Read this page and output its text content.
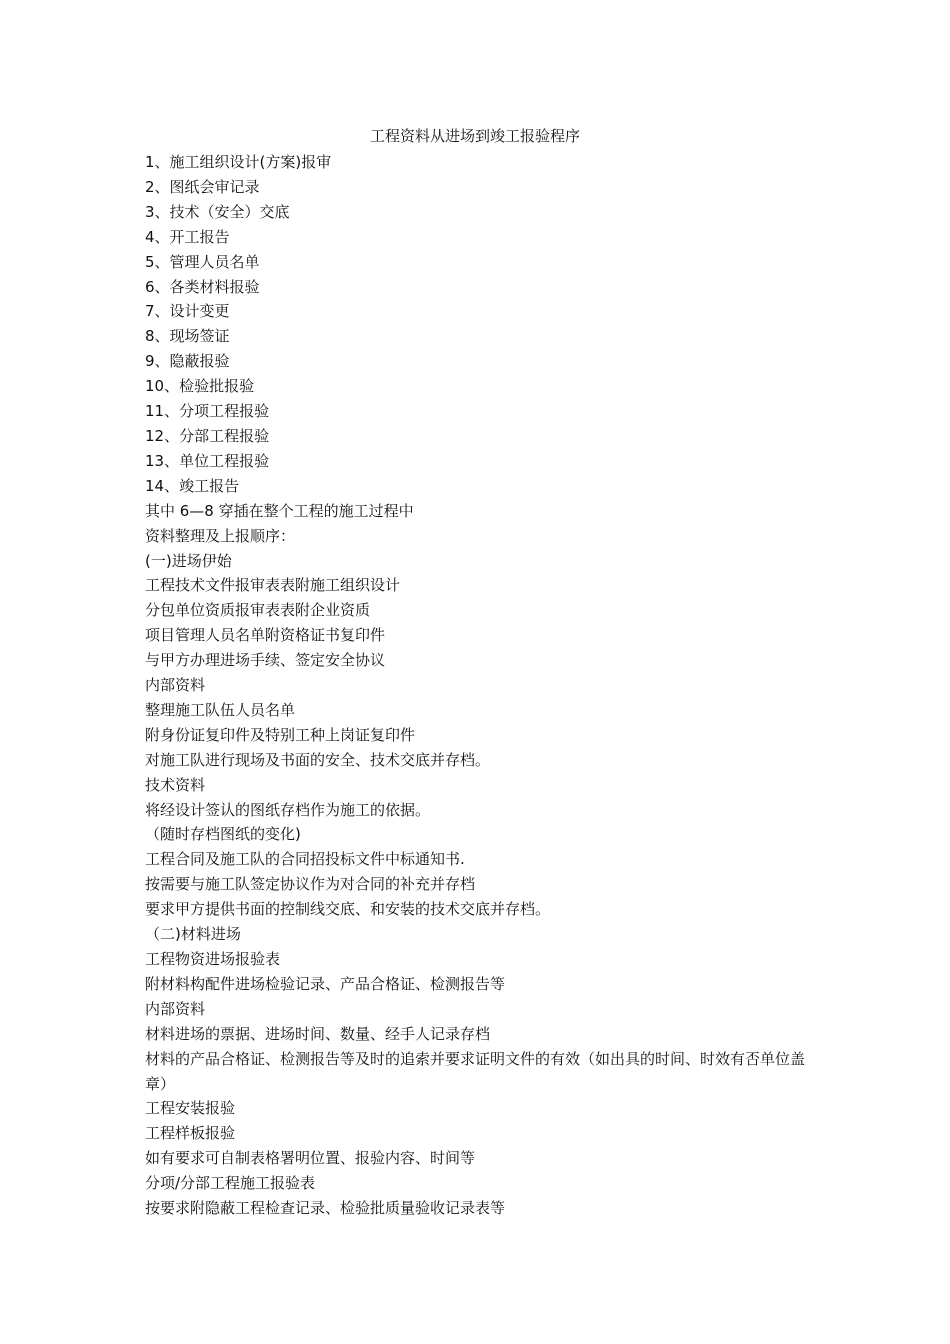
工程资料从进场到竣工报验程序
1、施工组织设计(方案)报审
2、图纸会审记录
3、技术（安全）交底
4、开工报告
5、管理人员名单
6、各类材料报验
7、设计变更
8、现场签证
9、隐蔽报验
10、检验批报验
11、分项工程报验
12、分部工程报验
13、单位工程报验
14、竣工报告
其中 6—8 穿插在整个工程的施工过程中
资料整理及上报顺序：
(一)进场伊始
工程技术文件报审表表附施工组织设计
分包单位资质报审表表附企业资质
项目管理人员名单附资格证书复印件
与甲方办理进场手续、签定安全协议
内部资料
整理施工队伍人员名单
附身份证复印件及特别工种上岗证复印件
对施工队进行现场及书面的安全、技术交底并存档。
技术资料
将经设计签认的图纸存档作为施工的依据。
（随时存档图纸的变化)
工程合同及施工队的合同招投标文件中标通知书.
按需要与施工队签定协议作为对合同的补充并存档
要求甲方提供书面的控制线交底、和安装的技术交底并存档。
（二)材料进场
工程物资进场报验表
附材料构配件进场检验记录、产品合格证、检测报告等
内部资料
材料进场的票据、进场时间、数量、经手人记录存档
材料的产品合格证、检测报告等及时的追索并要求证明文件的有效（如出具的时间、时效有否单位盖章）
工程安装报验
工程样板报验
如有要求可自制表格署明位置、报验内容、时间等
分项/分部工程施工报验表
按要求附隐蔽工程检查记录、检验批质量验收记录表等
